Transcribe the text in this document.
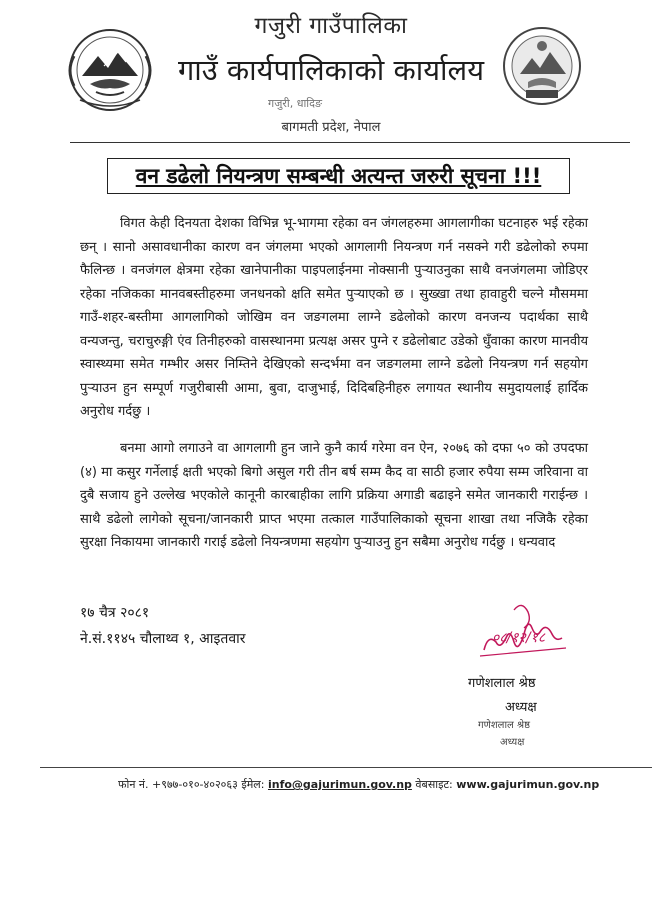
गजुरी गाउँपालिका
गाउँ कार्यपालिकाको कार्यालय
गजुरी, धादिङ
बागमती प्रदेश, नेपाल
वन डढेलो नियन्त्रण सम्बन्धी अत्यन्त जरुरी सूचना !!!

विगत केही दिनयता देशका विभिन्न भू-भागमा रहेका वन जंगलहरुमा आगलागीका घटनाहरु भई रहेका छन् । सानो असावधानीका कारण वन जंगलमा भएको आगलागी नियन्त्रण गर्न नसक्ने गरी डढेलोको रुपमा फैलिन्छ । वनजंगल क्षेत्रमा रहेका खानेपानीका पाइपलाईनमा नोक्सानी पुऱ्याउनुका साथै वनजंगलमा जोडिएर रहेका नजिकका मानवबस्तीहरुमा जनधनको क्षति समेत पुऱ्याएको छ । सुख्खा तथा हावाहुरी चल्ने मौसममा गाउँ-शहर-बस्तीमा आगलागिको जोखिम वन जङगलमा लाग्ने डढेलोको कारण वनजन्य पदार्थका साथै वन्यजन्तु, चराचुरुङ्गी एंव तिनीहरुको वासस्थानमा प्रत्यक्ष असर पुग्ने र डढेलोबाट उडेको धुँवाका कारण मानवीय स्वास्थ्यमा समेत गम्भीर असर निम्तिने देखिएको सन्दर्भमा वन जङगलमा लाग्ने डढेलो नियन्त्रण गर्न सहयोग पुऱ्याउन हुन सम्पूर्ण गजुरीबासी आमा, बुवा, दाजुभाई, दिदिबहिनीहरु लगायत स्थानीय समुदायलाई हार्दिक अनुरोध गर्दछु ।

बनमा आगो लगाउने वा आगलागी हुन जाने कुनै कार्य गरेमा वन ऐन, २०७६ को दफा ५० को उपदफा (४) मा कसुर गर्नेलाई क्षती भएको बिगो असुल गरी तीन बर्ष सम्म कैद वा साठी हजार रुपैया सम्म जरिवाना वा दुबै सजाय हुने उल्लेख भएकोले कानूनी कारबाहीका लागि प्रक्रिया अगाडी बढाइने समेत जानकारी गराईन्छ । साथै डढेलो लागेको सूचना/जानकारी प्राप्त भएमा तत्काल गाउँपालिकाको सूचना शाखा तथा नजिकै रहेका सुरक्षा निकायमा जानकारी गराई डढेलो नियन्त्रणमा सहयोग पुऱ्याउनु हुन सबैमा अनुरोध गर्दछु । धन्यवाद

१७ चैत्र २०८१
ने.सं.११४५ चौलाथ्व १, आइतवार	०८/१२/१८
गणेशलाल श्रेष्ठ
अध्यक्ष
गणेशलाल श्रेष्ठ
अध्यक्ष
फोन नं. +९७७-०१०-४०२०६३ ईमेल: info@gajurimun.gov.np वेबसाइट: www.gajurimun.gov.np
